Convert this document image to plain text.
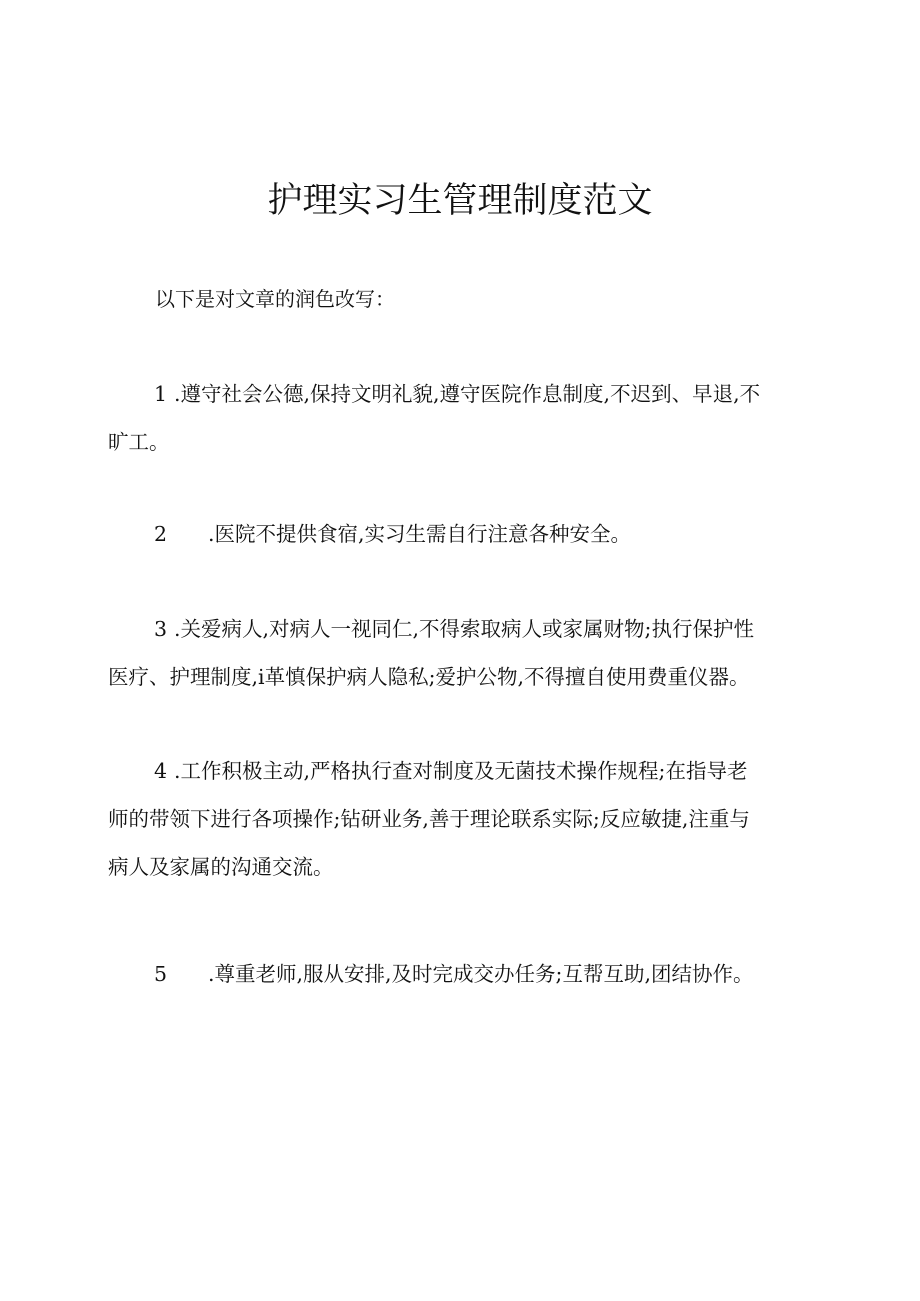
护理实习生管理制度范文
以下是对文章的润色改写：
1 .遵守社会公德,保持文明礼貌,遵守医院作息制度,不迟到、早退,不
旷工。
2 .医院不提供食宿,实习生需自行注意各种安全。
3 .关爱病人,对病人一视同仁,不得索取病人或家属财物;执行保护性
医疗、护理制度,i革慎保护病人隐私;爱护公物,不得擅自使用费重仪器。
4 .工作积极主动,严格执行查对制度及无菌技术操作规程;在指导老
师的带领下进行各项操作;钻研业务,善于理论联系实际;反应敏捷,注重与
病人及家属的沟通交流。
5 .尊重老师,服从安排,及时完成交办任务;互帮互助,团结协作。
